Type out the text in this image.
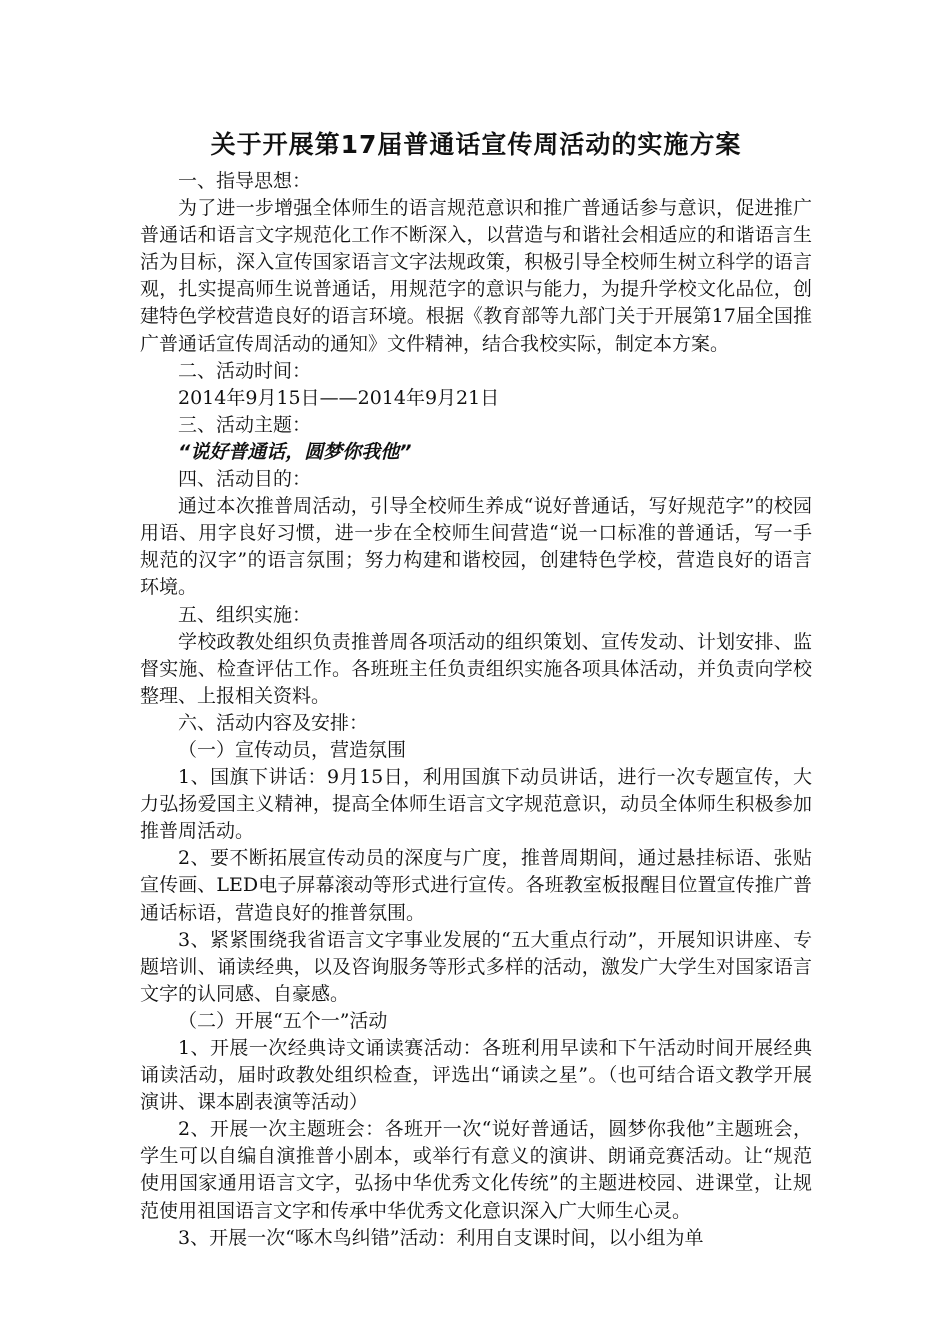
关于开展第17届普通话宣传周活动的实施方案

一、指导思想：

为了进一步增强全体师生的语言规范意识和推广普通话参与意识，促进推广普通话和语言文字规范化工作不断深入，以营造与和谐社会相适应的和谐语言生活为目标，深入宣传国家语言文字法规政策，积极引导全校师生树立科学的语言观，扎实提高师生说普通话，用规范字的意识与能力，为提升学校文化品位，创建特色学校营造良好的语言环境。根据《教育部等九部门关于开展第17届全国推广普通话宣传周活动的通知》文件精神，结合我校实际，制定本方案。

二、活动时间：

2014年9月15日——2014年9月21日

三、活动主题：

“说好普通话，圆梦你我他”

四、活动目的：

通过本次推普周活动，引导全校师生养成“说好普通话，写好规范字”的校园用语、用字良好习惯，进一步在全校师生间营造“说一口标准的普通话，写一手规范的汉字”的语言氛围；努力构建和谐校园，创建特色学校，营造良好的语言环境。

五、组织实施：

学校政教处组织负责推普周各项活动的组织策划、宣传发动、计划安排、监督实施、检查评估工作。各班班主任负责组织实施各项具体活动，并负责向学校整理、上报相关资料。

六、活动内容及安排：

（一）宣传动员，营造氛围

1、国旗下讲话：9月15日，利用国旗下动员讲话，进行一次专题宣传，大力弘扬爱国主义精神，提高全体师生语言文字规范意识，动员全体师生积极参加推普周活动。

2、要不断拓展宣传动员的深度与广度，推普周期间，通过悬挂标语、张贴宣传画、LED电子屏幕滚动等形式进行宣传。各班教室板报醒目位置宣传推广普通话标语，营造良好的推普氛围。

3、紧紧围绕我省语言文字事业发展的“五大重点行动”，开展知识讲座、专题培训、诵读经典，以及咨询服务等形式多样的活动，激发广大学生对国家语言文字的认同感、自豪感。

（二）开展“五个一”活动

1、开展一次经典诗文诵读赛活动：各班利用早读和下午活动时间开展经典诵读活动，届时政教处组织检查，评选出“诵读之星”。（也可结合语文教学开展演讲、课本剧表演等活动）

2、开展一次主题班会：各班开一次“说好普通话，圆梦你我他”主题班会，学生可以自编自演推普小剧本，或举行有意义的演讲、朗诵竞赛活动。让“规范使用国家通用语言文字，弘扬中华优秀文化传统”的主题进校园、进课堂，让规范使用祖国语言文字和传承中华优秀文化意识深入广大师生心灵。

3、开展一次“啄木鸟纠错”活动：利用自支课时间，以小组为单
